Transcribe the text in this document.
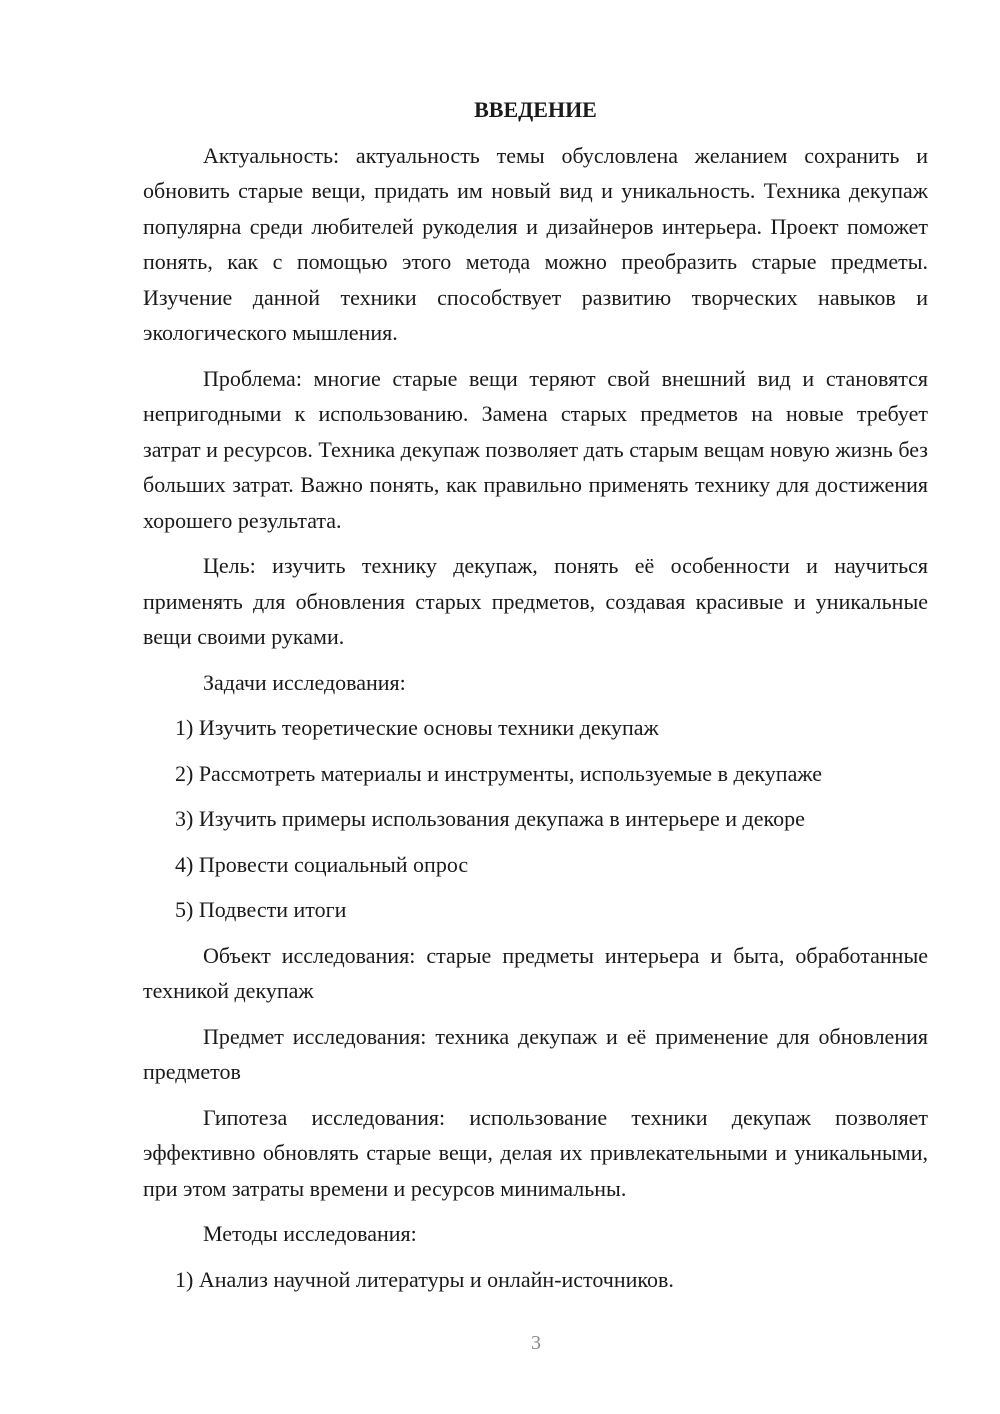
ВВЕДЕНИЕ

Актуальность: актуальность темы обусловлена желанием сохранить и обновить старые вещи, придать им новый вид и уникальность. Техника декупаж популярна среди любителей рукоделия и дизайнеров интерьера. Проект поможет понять, как с помощью этого метода можно преобразить старые предметы. Изучение данной техники способствует развитию творческих навыков и экологического мышления.

Проблема: многие старые вещи теряют свой внешний вид и становятся непригодными к использованию. Замена старых предметов на новые требует затрат и ресурсов. Техника декупаж позволяет дать старым вещам новую жизнь без больших затрат. Важно понять, как правильно применять технику для достижения хорошего результата.

Цель: изучить технику декупаж, понять её особенности и научиться применять для обновления старых предметов, создавая красивые и уникальные вещи своими руками.

Задачи исследования:

1) Изучить теоретические основы техники декупаж

2) Рассмотреть материалы и инструменты, используемые в декупаже

3) Изучить примеры использования декупажа в интерьере и декоре

4) Провести социальный опрос

5) Подвести итоги

Объект исследования: старые предметы интерьера и быта, обработанные техникой декупаж

Предмет исследования: техника декупаж и её применение для обновления предметов

Гипотеза исследования: использование техники декупаж позволяет эффективно обновлять старые вещи, делая их привлекательными и уникальными, при этом затраты времени и ресурсов минимальны.

Методы исследования:

1) Анализ научной литературы и онлайн-источников.

3
